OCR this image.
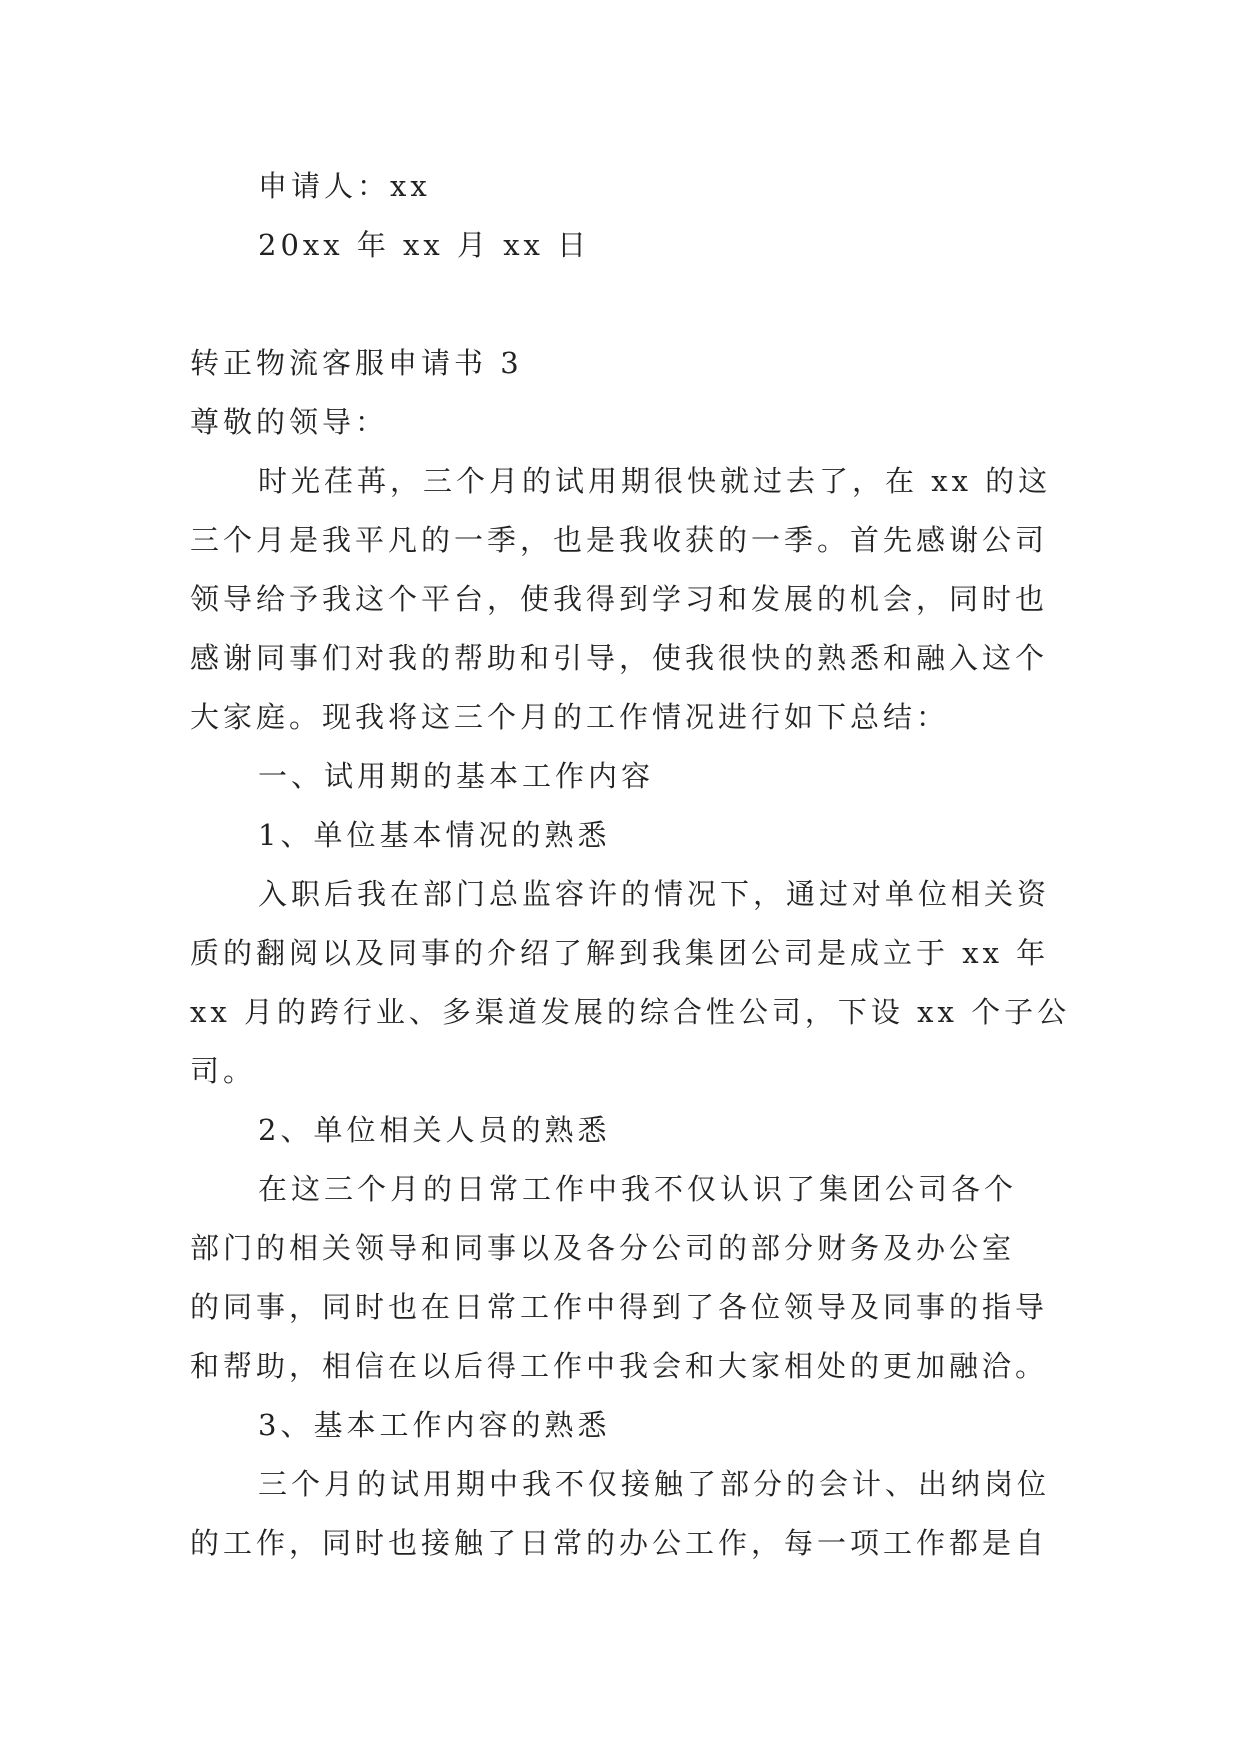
申请人：xx
20xx 年 xx 月 xx 日
转正物流客服申请书 3
尊敬的领导：
时光荏苒，三个月的试用期很快就过去了，在 xx 的这
三个月是我平凡的一季，也是我收获的一季。首先感谢公司
领导给予我这个平台，使我得到学习和发展的机会，同时也
感谢同事们对我的帮助和引导，使我很快的熟悉和融入这个
大家庭。现我将这三个月的工作情况进行如下总结：
一、试用期的基本工作内容
1、单位基本情况的熟悉
入职后我在部门总监容许的情况下，通过对单位相关资
质的翻阅以及同事的介绍了解到我集团公司是成立于 xx 年
xx 月的跨行业、多渠道发展的综合性公司，下设 xx 个子公
司。
2、单位相关人员的熟悉
在这三个月的日常工作中我不仅认识了集团公司各个
部门的相关领导和同事以及各分公司的部分财务及办公室
的同事，同时也在日常工作中得到了各位领导及同事的指导
和帮助，相信在以后得工作中我会和大家相处的更加融洽。
3、基本工作内容的熟悉
三个月的试用期中我不仅接触了部分的会计、出纳岗位
的工作，同时也接触了日常的办公工作，每一项工作都是自
